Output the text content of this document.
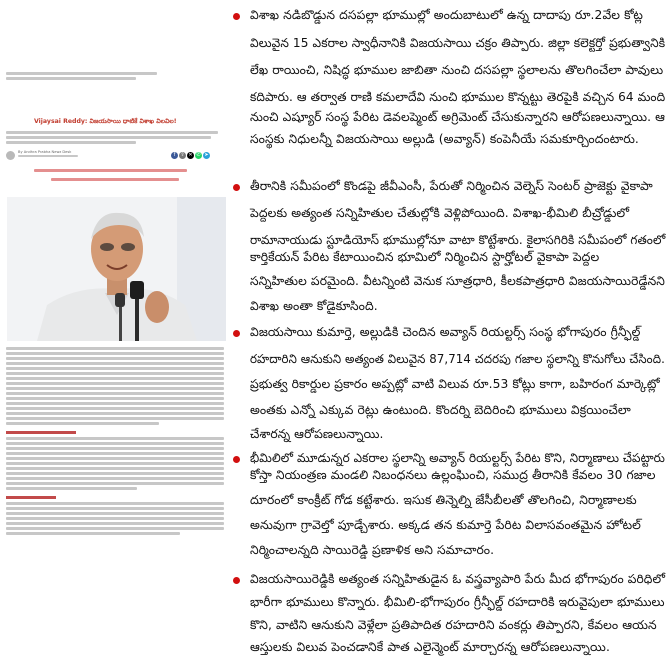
Vijaysai Reddy: విజయసాయి ధాటికే విశాఖ విలవిల!
By Andhra Prabha Newz Desk	f	⇪ ✕ ✆ ➤
విశాఖ నడిబొడ్డున దసపల్లా భూముల్లో అందుబాటులో ఉన్న దాదాపు రూ.2వేల కోట్ల
విలువైన 15 ఎకరాల స్వాధీనానికి విజయసాయి చక్రం తిప్పారు. జిల్లా కలెక్టర్తో ప్రభుత్వానికి
లేఖ రాయించి, నిషిద్ధ భూముల జాబితా నుంచి దసపల్లా స్థలాలను తొలగించేలా పావులు
కదిపారు. ఆ తర్వాత రాణి కమలాదేవి నుంచి భూముల కొన్నట్టు తెరపైకి వచ్చిన 64 మంది
నుంచి ఎష్యూర్ సంస్థ పేరిట డెవలప్మెంట్ అగ్రిమెంట్ చేసుకున్నారని ఆరోపణలున్నాయి. ఆ
సంస్థకు నిధులన్నీ విజయసాయి అల్లుడి (అవ్యాన్) కంపెనీయే సమకూర్చిందంటారు.
తీరానికి సమీపంలో కొండపై జీవీఎంసీ, పేరుతో నిర్మించిన వెల్నెస్ సెంటర్ ప్రాజెక్టు వైకాపా
పెద్దలకు అత్యంత సన్నిహితుల చేతుల్లోకి వెళ్లిపోయింది. విశాఖ-భీమిలి బీచ్రోడ్డులో
రామానాయుడు స్టూడియోస్ భూముల్లోనూ వాటా కొట్టేశారు. కైలాసగిరికి సమీపంలో గతంలో
కార్తికేయన్ పేరిట కేటాయించిన భూమిలో నిర్మించిన స్టార్హోటల్ వైకాపా పెద్దల
సన్నిహితుల పరమైంది. వీటన్నింటి వెనుక సూత్రధారి, కీలకపాత్రధారి విజయసాయిరెడ్డేనని
విశాఖ అంతా కోడైకూసింది.
విజయసాయి కుమార్తె, అల్లుడికి చెందిన అవ్యాన్ రియల్టర్స్ సంస్థ భోగాపురం గ్రీన్ఫీల్డ్
రహదారిని ఆనుకుని అత్యంత విలువైన 87,714 చదరపు గజాల స్థలాన్ని కొనుగోలు చేసింది.
ప్రభుత్వ రికార్డుల ప్రకారం అప్పట్లో వాటి విలువ రూ.53 కోట్లు కాగా, బహిరంగ మార్కెట్లో
అంతకు ఎన్నో ఎక్కువ రెట్లు ఉంటుంది. కొందర్ని బెదిరించి భూములు విక్రయించేలా
చేశారన్న ఆరోపణలున్నాయి.
భీమిలిలో మూడున్నర ఎకరాల స్థలాన్ని అవ్యాన్ రియల్టర్స్ పేరిట కొని, నిర్మాణాలు చేపట్టారు
కోస్తా నియంత్రణ మండలి నిబంధనలు ఉల్లంఘించి, సముద్ర తీరానికి కేవలం 30 గజాల
దూరంలో కాంక్రీట్ గోడ కట్టేశారు. ఇసుక తిన్నెల్ని జేసీబీలతో తొలగించి, నిర్మాణాలకు
అనువుగా గ్రావెల్తో పూడ్చేశారు. అక్కడ తన కుమార్తె పేరిట విలాసవంతమైన హోటల్
నిర్మించాలన్నది సాయిరెడ్డి ప్రణాళిక అని సమాచారం.
విజయసాయిరెడ్డికి అత్యంత సన్నిహితుడైన ఓ వస్త్రవ్యాపారి పేరు మీద భోగాపురం పరిధిలో
భారీగా భూములు కొన్నారు. భీమిలి-భోగాపురం గ్రీన్ఫీల్డ్ రహదారికి ఇరువైపులా భూములు
కొని, వాటిని ఆనుకుని వెళ్లేలా ప్రతిపాదిత రహదారిని వంకర్లు తిప్పారని, కేవలం ఆయన
ఆస్తులకు విలువ పెంచడానికే పాత ఎలైన్మెంట్ మార్చారన్న ఆరోపణలున్నాయి.
